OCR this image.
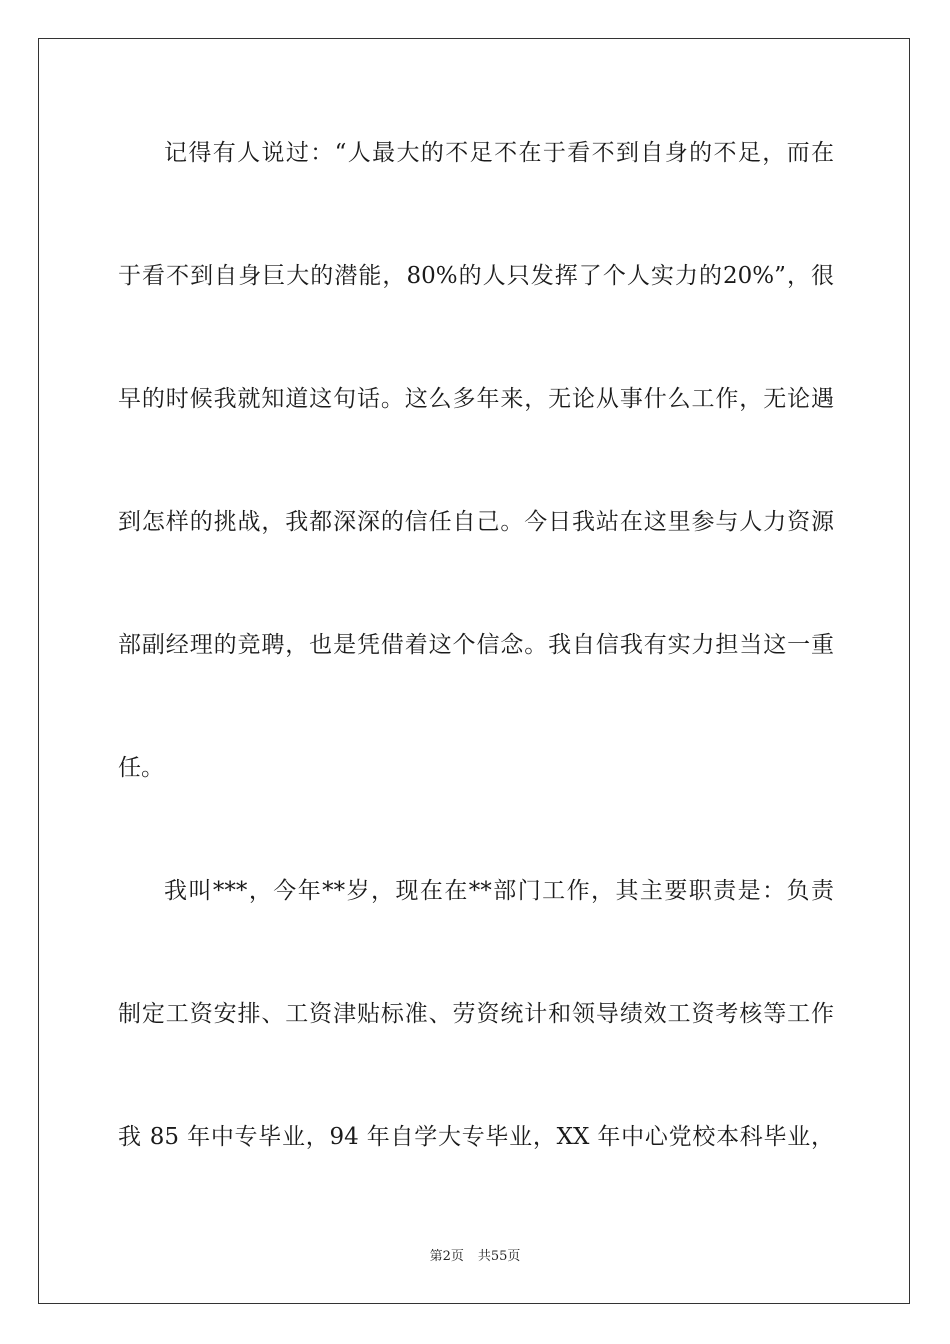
记得有人说过：“人最大的不足不在于看不到自身的不足，而在
于看不到自身巨大的潜能，80%的人只发挥了个人实力的20%”，很
早的时候我就知道这句话。这么多年来，无论从事什么工作，无论遇
到怎样的挑战，我都深深的信任自己。今日我站在这里参与人力资源
部副经理的竞聘，也是凭借着这个信念。我自信我有实力担当这一重
任。
我叫***，今年**岁，现在在**部门工作，其主要职责是：负责
制定工资安排、工资津贴标准、劳资统计和领导绩效工资考核等工作
我 85 年中专毕业，94 年自学大专毕业，XX 年中心党校本科毕业，
第2页 共55页
